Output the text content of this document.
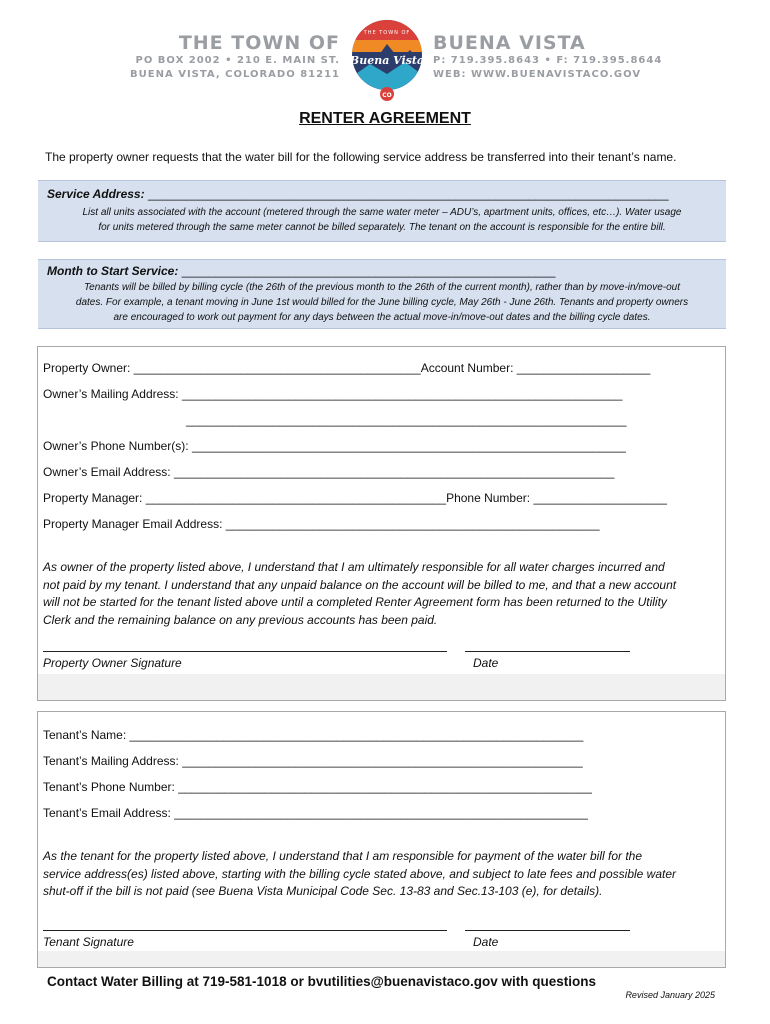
THE TOWN OF
PO BOX 2002 • 210 E. MAIN ST.
BUENA VISTA, COLORADO 81211
THE TOWN OF
Buena Vista
CO
BUENA VISTA
P: 719.395.8643 • F: 719.395.8644
WEB: WWW.BUENAVISTACO.GOV
RENTER AGREEMENT
The property owner requests that the water bill for the following service address be transferred into their tenant’s name.
Service Address: ______________________________________________________________________________
List all units associated with the account (metered through the same water meter – ADU’s, apartment units, offices, etc…). Water usage
for units metered through the same meter cannot be billed separately. The tenant on the account is responsible for the entire bill.
Month to Start Service: ________________________________________________________
Tenants will be billed by billing cycle (the 26th of the previous month to the 26th of the current month), rather than by move-in/move-out
dates. For example, a tenant moving in June 1st would billed for the June billing cycle, May 26th - June 26th. Tenants and property owners
are encouraged to work out payment for any days between the actual move-in/move-out dates and the billing cycle dates.
Property Owner: ___________________________________________Account Number: ____________________
Owner’s Mailing Address: __________________________________________________________________
__________________________________________________________________
Owner’s Phone Number(s): _________________________________________________________________
Owner’s Email Address: __________________________________________________________________
Property Manager: _____________________________________________Phone Number: ____________________
Property Manager Email Address: ________________________________________________________
As owner of the property listed above, I understand that I am ultimately responsible for all water charges incurred and
not paid by my tenant. I understand that any unpaid balance on the account will be billed to me, and that a new account
will not be started for the tenant listed above until a completed Renter Agreement form has been returned to the Utility
Clerk and the remaining balance on any previous accounts has been paid.
Property Owner Signature	Date
Tenant’s Name: ____________________________________________________________________
Tenant’s Mailing Address: ____________________________________________________________
Tenant’s Phone Number: ______________________________________________________________
Tenant’s Email Address: ______________________________________________________________
As the tenant for the property listed above, I understand that I am responsible for payment of the water bill for the
service address(es) listed above, starting with the billing cycle stated above, and subject to late fees and possible water
shut-off if the bill is not paid (see Buena Vista Municipal Code Sec. 13-83 and Sec.13-103 (e), for details).
Tenant Signature	Date
Contact Water Billing at 719-581-1018 or bvutilities@buenavistaco.gov with questions
Revised January 2025
